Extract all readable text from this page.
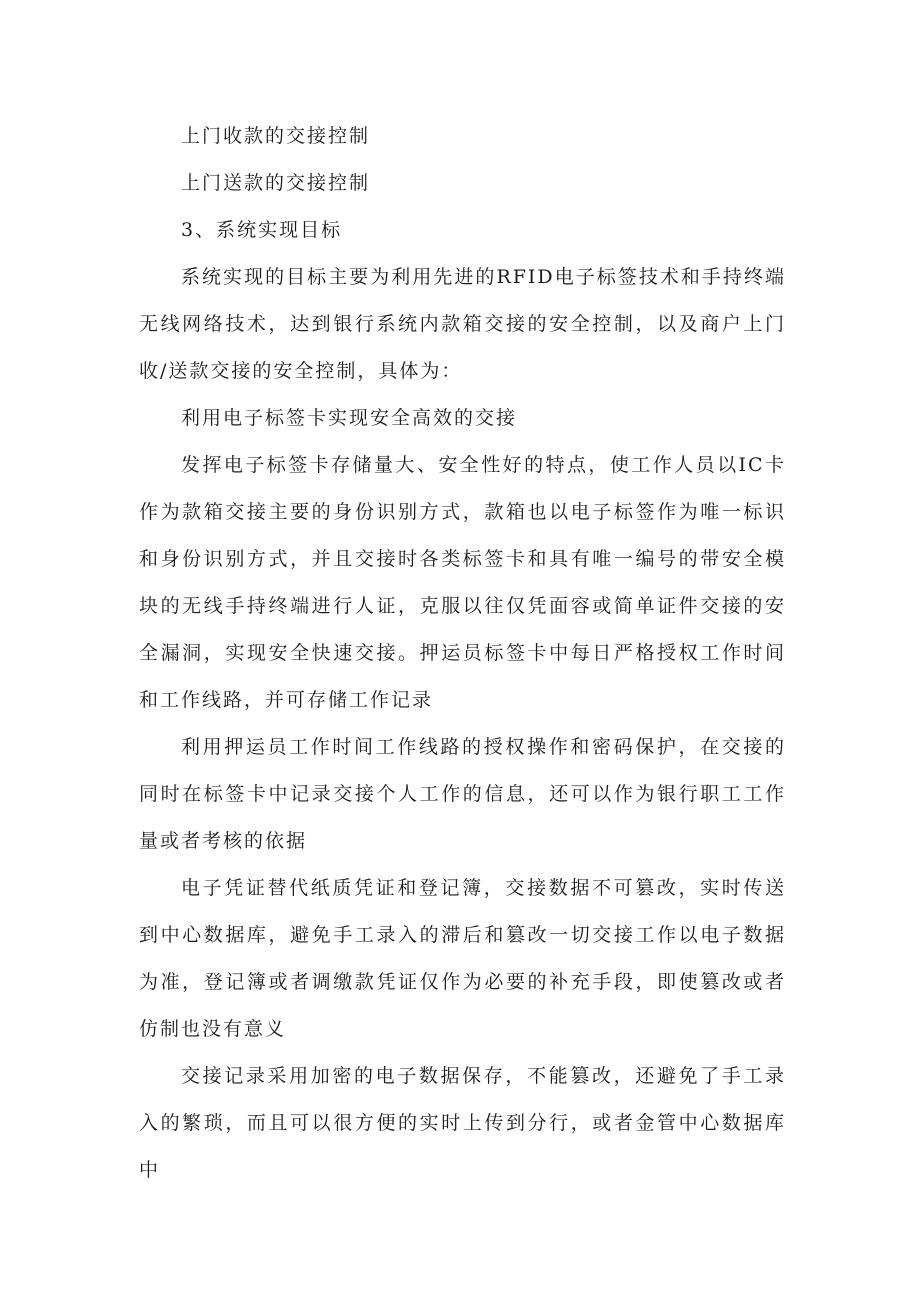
上门收款的交接控制

上门送款的交接控制

3、系统实现目标

系统实现的目标主要为利用先进的RFID电子标签技术和手持终端无线网络技术，达到银行系统内款箱交接的安全控制，以及商户上门收/送款交接的安全控制，具体为：

利用电子标签卡实现安全高效的交接

发挥电子标签卡存储量大、安全性好的特点，使工作人员以IC卡作为款箱交接主要的身份识别方式，款箱也以电子标签作为唯一标识和身份识别方式，并且交接时各类标签卡和具有唯一编号的带安全模块的无线手持终端进行人证，克服以往仅凭面容或简单证件交接的安全漏洞，实现安全快速交接。押运员标签卡中每日严格授权工作时间和工作线路，并可存储工作记录

利用押运员工作时间工作线路的授权操作和密码保护，在交接的同时在标签卡中记录交接个人工作的信息，还可以作为银行职工工作量或者考核的依据

电子凭证替代纸质凭证和登记簿，交接数据不可篡改，实时传送到中心数据库，避免手工录入的滞后和篡改一切交接工作以电子数据为准，登记簿或者调缴款凭证仅作为必要的补充手段，即使篡改或者仿制也没有意义

交接记录采用加密的电子数据保存，不能篡改，还避免了手工录入的繁琐，而且可以很方便的实时上传到分行，或者金管中心数据库中
